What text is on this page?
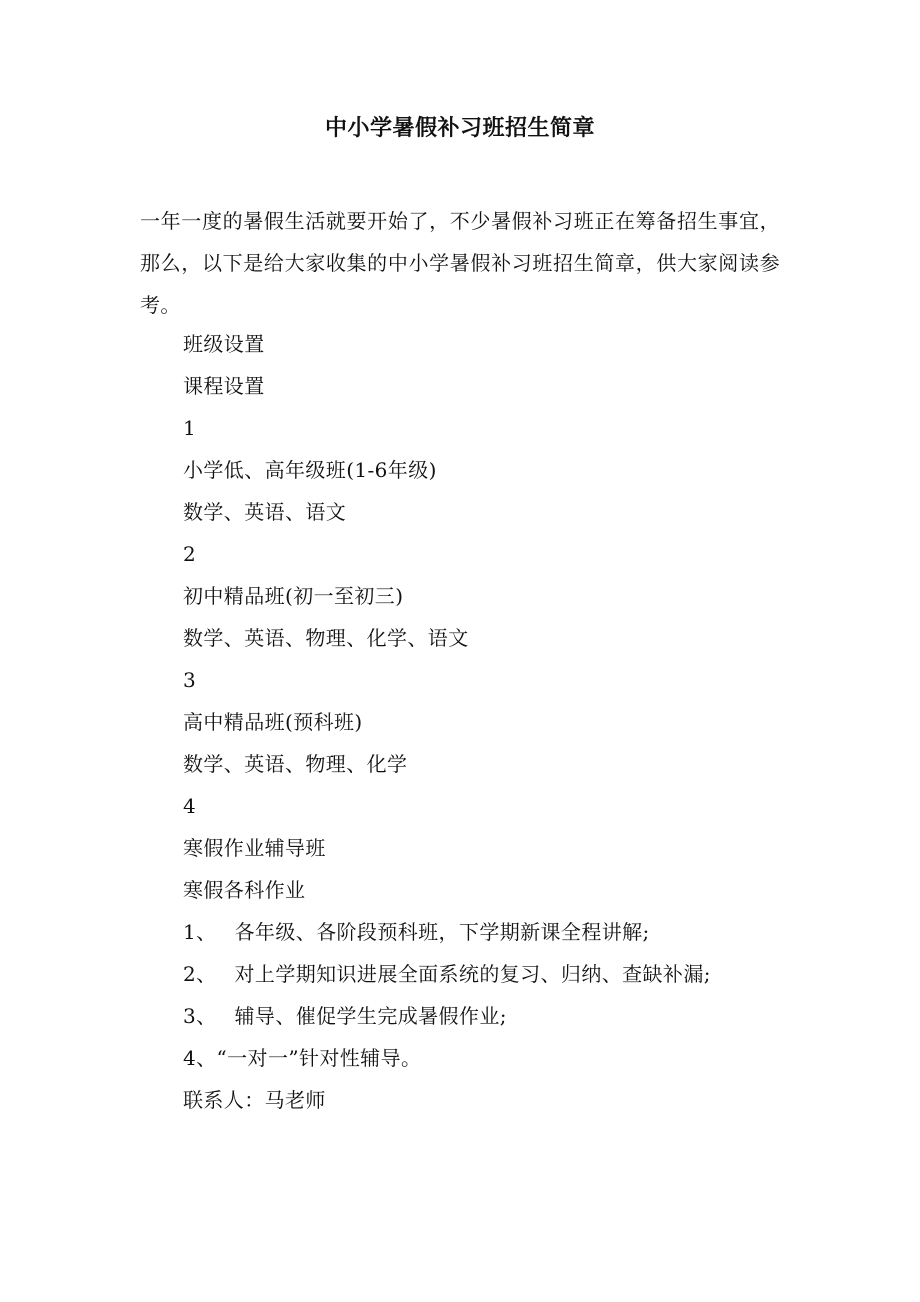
中小学暑假补习班招生简章
一年一度的暑假生活就要开始了，不少暑假补习班正在筹备招生事宜，那么，以下是给大家收集的中小学暑假补习班招生简章，供大家阅读参考。
班级设置
课程设置
1
小学低、高年级班(1-6年级)
数学、英语、语文
2
初中精品班(初一至初三)
数学、英语、物理、化学、语文
3
高中精品班(预科班)
数学、英语、物理、化学
4
寒假作业辅导班
寒假各科作业
1、 各年级、各阶段预科班，下学期新课全程讲解;
2、 对上学期知识进展全面系统的复习、归纳、查缺补漏;
3、 辅导、催促学生完成暑假作业;
4、“一对一”针对性辅导。
联系人：马老师
